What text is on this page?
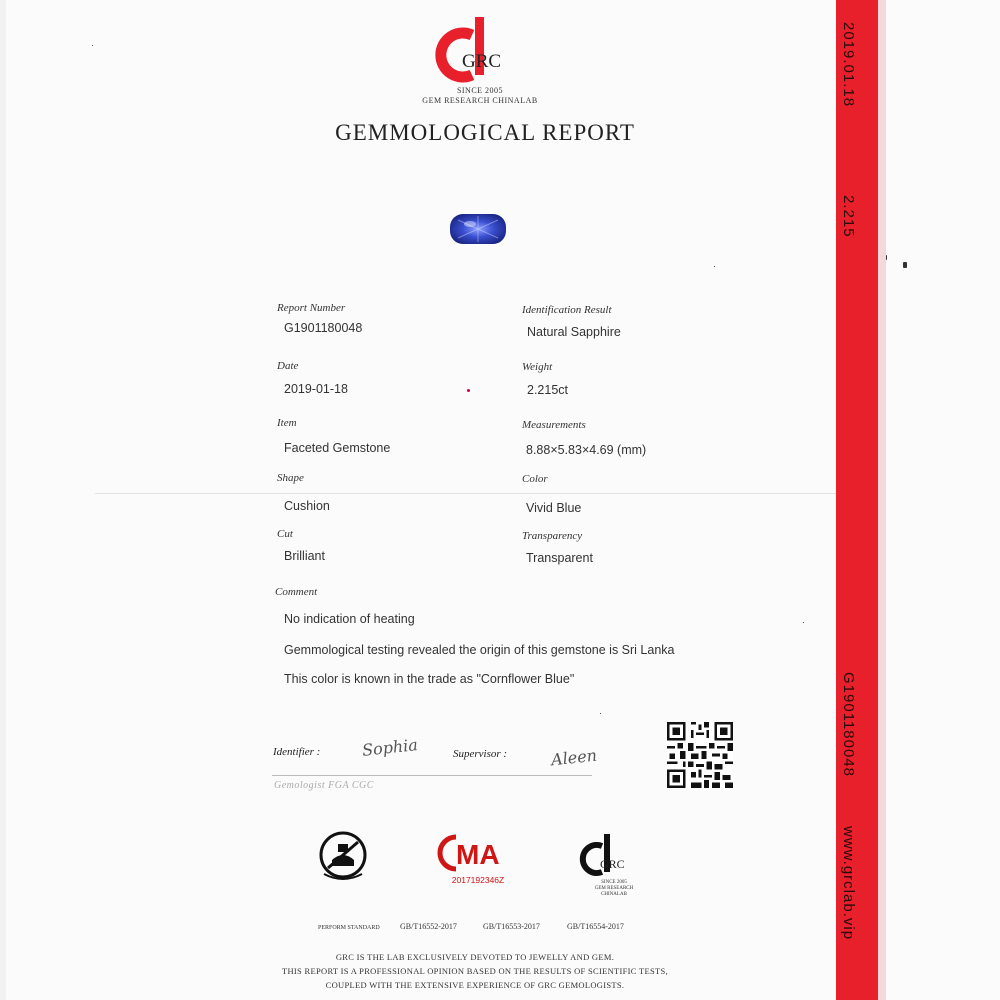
GRC
SINCE 2005
GEM RESEARCH CHINALAB
GEMMOLOGICAL REPORT
Report Number
G1901180048
Identification Result
Natural Sapphire
Date
2019-01-18
Weight
2.215ct
Item
Faceted Gemstone
Measurements
8.88×5.83×4.69 (mm)
Shape
Cushion
Color
Vivid Blue
Cut
Brilliant
Transparency
Transparent
Comment
No indication of heating
Gemmological testing revealed the origin of this gemstone is Sri Lanka
This color is known in the trade as "Cornflower Blue"
Identifier :	Sophia	Supervisor :	Aleen
Gemologist FGA CGC
MA
2017192346Z
GRC
SINCE 2005
GEM RESEARCH CHINALAB
PERFORM STANDARD	GB/T16552-2017	GB/T16553-2017	GB/T16554-2017
GRC IS THE LAB EXCLUSIVELY DEVOTED TO JEWELLY AND GEM.
THIS REPORT IS A PROFESSIONAL OPINION BASED ON THE RESULTS OF SCIENTIFIC TESTS,
COUPLED WITH THE EXTENSIVE EXPERIENCE OF GRC GEMOLOGISTS.
2019.01.18
2.215
G1901180048
www.grclab.vip
